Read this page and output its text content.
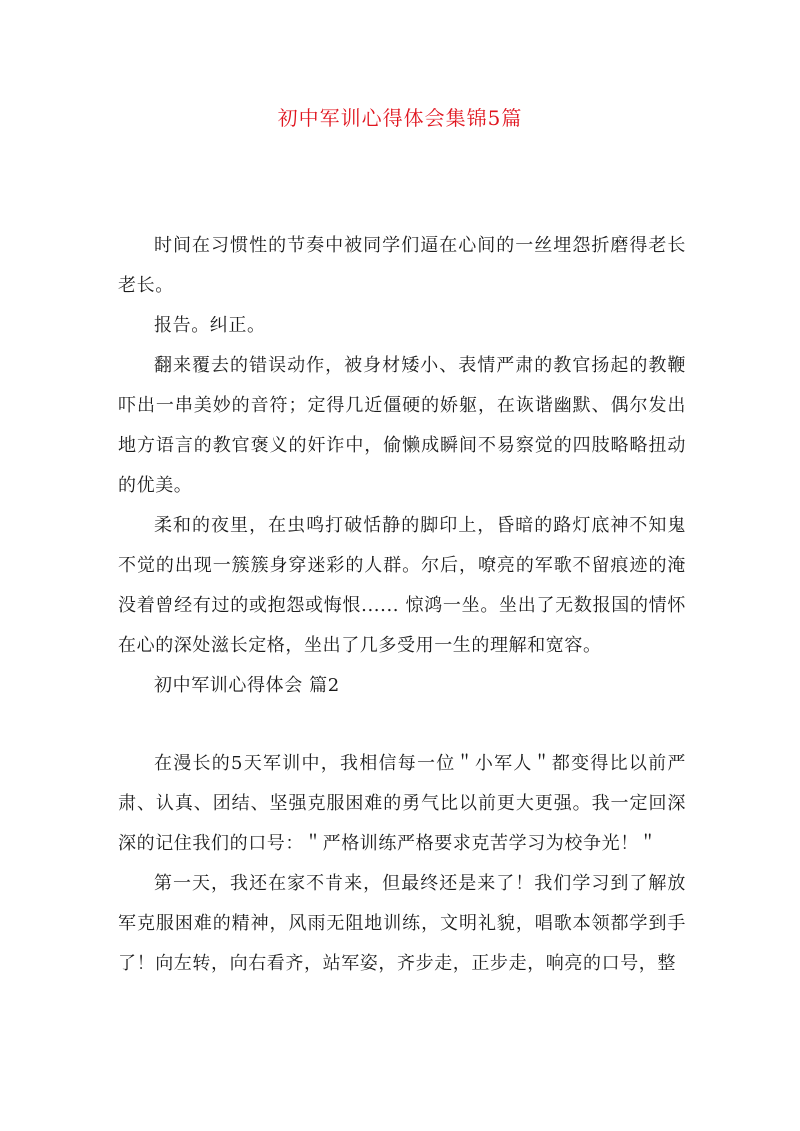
初中军训心得体会集锦5篇

时间在习惯性的节奏中被同学们逼在心间的一丝埋怨折磨得老长老长。

报告。纠正。

翻来覆去的错误动作，被身材矮小、表情严肃的教官扬起的教鞭吓出一串美妙的音符；定得几近僵硬的娇躯，在诙谐幽默、偶尔发出地方语言的教官褒义的奸诈中，偷懒成瞬间不易察觉的四肢略略扭动的优美。

柔和的夜里，在虫鸣打破恬静的脚印上，昏暗的路灯底神不知鬼不觉的出现一簇簇身穿迷彩的人群。尔后，嘹亮的军歌不留痕迹的淹没着曾经有过的或抱怨或悔恨...... 惊鸿一坐。坐出了无数报国的情怀在心的深处滋长定格，坐出了几多受用一生的理解和宽容。

初中军训心得体会 篇2

在漫长的5天军训中，我相信每一位＂小军人＂都变得比以前严肃、认真、团结、坚强克服困难的勇气比以前更大更强。我一定回深深的记住我们的口号：＂严格训练严格要求克苦学习为校争光！＂

第一天，我还在家不肯来，但最终还是来了！我们学习到了解放军克服困难的精神，风雨无阻地训练，文明礼貌，唱歌本领都学到手了！向左转，向右看齐，站军姿，齐步走，正步走，响亮的口号，整
